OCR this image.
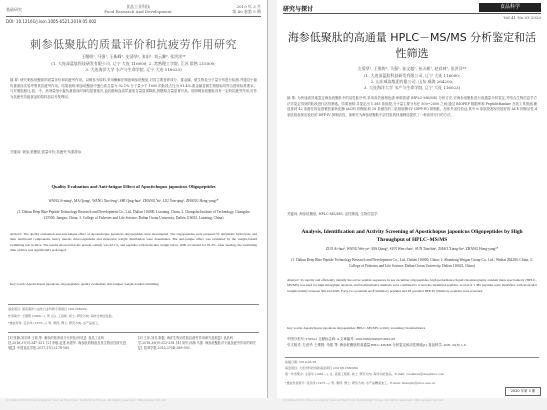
基础研究
食品工业科技
Food Research And Development
2019 年 3 月
第 40 卷第 5 期
DOI: 10.12161/j.issn.1005-6521.2019.05.002
刺参低聚肽的质量评价和抗疲劳作用研究
王继明¹, 马强¹, 王新峰², 史清华², 张雨², 刘云卿³, 张洪洋³*
(1. 大连深蓝肽科技研发有限公司, 辽宁 大连 116000; 2. 常熟理工学院, 江苏 常熟 215500;
3. 大连海洋大学 水产与生命学院, 辽宁 大连 116023)
摘 要: 研究刺参低聚肽的质量评价和抗疲劳作用。以刺参为原料,采用酶解法制备刺参低聚肽,对其主要营养成分、重金属、微生物及分子量分布进行检测,并通过小鼠负重游泳实验考察其抗疲劳作用。结果表明:刺参低聚肽中蛋白质含量为 92.1%,分子量小于 1000 的肽段占比为 91.4%,重金属及微生物指标均符合国家标准要求。与对照组相比,低、中、高剂量组小鼠负重游泳时间均显著延长,血乳酸和血清尿素氮含量显著降低,肝糖原含量显著升高。说明刺参低聚肽具有一定的抗疲劳作用,可作为抗疲劳功能食品的原料加以开发利用。
关键词: 刺参;低聚肽;质量评价;抗疲劳;负重游泳
Quality Evaluation and Anti-fatigue Effect of Apostichopus japonicus Oligopeptides
WANG Ji-ming¹, MA Qiang¹, WANG Xin-feng², SHI Qing-hua², ZHANG Yu², LIU Yun-qing³, ZHANG Hong-yang³*
(1. Dalian Deep Blue Peptide Technology Research and Development Co., Ltd., Dalian 116000, Liaoning, China; 2. Changshu Institute of Technology, Changshu 215500, Jiangsu, China; 3. College of Fisheries and Life Science, Dalian Ocean University, Dalian 116023, Liaoning, China)
Abstract: The quality evaluation and anti-fatigue effect of Apostichopus japonicus oligopeptides were investigated. The oligopeptides were prepared by enzymatic hydrolysis, and their nutritional components, heavy metals, microorganisms and molecular weight distribution were determined. The anti-fatigue effect was evaluated by the weight-loaded swimming test in mice. The results showed that the protein content was 92.1%, and peptides with molecular weight below 1000 accounted for 91.4%. After feeding, the swimming time of mice was significantly prolonged.
Key words: Apostichopus japonicus; oligopeptides; quality evaluation; anti-fatigue; weight-loaded swimming
基金项目: 国家海洋公益性行业科研专项项目 (201305002)
作者简介: 王继明 (1980—), 男 (汉), 工程师, 硕士, 研究方向: 海洋生物活性肽。
*通信作者: 张洪洋 (1975—), 男, 教授, 博士, 研究方向: 水产品加工。
[1] 张静,刘宗琦,王莉,等. 刺参的营养成分分析及评价[J]. 食品工业科技,2016,37(5):347-351. [2] 李敏,赵建,孙建华. 海参肽的制备及其生物活性研究进展[J]. 中国食品学报,2017,17(2):178-185.
[3] 王萍,刘芳,陈磊. 海洋生物活性肽抗疲劳作用研究进展[J]. 食品科学,2018,39(9):312-318. [4] 刘华,孙静,马强. 海参低聚肽对小鼠抗疲劳作用的研究[J]. 营养学报,2015,37(4):389-393.
(C)1994-2019 China Academic Journal Electronic Publishing House. All rights reserved. http://www.cnki.net
研究与探讨	食品科学
Vol.41 No.03 2020
海参低聚肽的高通量 HPLC－MS/MS 分析鉴定和活性筛选
左爱华¹, 王维野², 马强², 孙文超¹, 孙天彬¹, 赵祥林¹, 张洪洋³*
(1. 大连深蓝肽科技研发有限公司, 辽宁 大连 116000;
2. 山东威高集团有限公司, 山东 威海 264200;
3. 大连海洋大学 水产与生命学院, 辽宁 大连 116023)
摘 要: 为快速高效地鉴定海参低聚肽中的活性肽序列,采用高效液相色谱-串联质谱 (HPLC-MS/MS) 分析方法,对海参低聚肽进行高通量分析鉴定,并结合生物信息学方法对鉴定得到的肽段进行活性筛选。结果表明:共鉴定出 1 385 条肽段,分子量主要分布在 500~2000 之间;通过 BIOPEP 数据库和 PeptideRanker 在线工具预测,筛选得到 42 条潜在的血管紧张素转化酶 (ACE) 抑制肽和 28 条潜在的二肽基肽酶-IV (DPP-IV) 抑制肽。经体外活性验证,其中 6 条肽段表现出较好的 ACE 抑制活性,4 条肽段表现出较好的 DPP-IV 抑制活性。该研究为海参低聚肽中活性肽的快速筛选提供了一种高效可行的方法。
关键词: 海参低聚肽; HPLC-MS/MS; 活性筛选; 生物信息学
Analysis, Identification and Activity Screening of Apostichopus japonicus Oligopeptides by High Throughput of HPLC–MS/MS
ZUO Ai-hua¹, WANG Wei-ye², MA Qiang², SUN Wen-chao¹, SUN Tian-bin¹, ZHAO Xiang-lin¹, ZHANG Hong-yang³*
(1. Dalian Deep Blue Peptide Technology Research and Development Co., Ltd., Dalian 116000, China; 2. Shandong Weigao Group Co., Ltd., Weihai 264200, China; 3. College of Fisheries and Life Science, Dalian Ocean University, Dalian 116023, China)
Abstract: To rapidly and efficiently identify the active peptide sequences in sea cucumber oligopeptides, high performance liquid chromatography–tandem mass spectrometry (HPLC–MS/MS) was used for high-throughput analysis, and bioinformatics methods were combined to screen the identified peptides. A total of 1 385 peptides were identified, with molecular weights mainly between 500 and 2000. Forty-two potential ACE inhibitory peptides and 28 potential DPP-IV inhibitory peptides were screened.
Key words: Apostichopus japonicus oligopeptides; HPLC–MS/MS; activity screening; bioinformatics
中图分类号: TS254.1 文献标志码: A 文章编号: 1002-6630(2020)03-0001-06
引文格式: 左爱华, 王维野, 马强, 等. 海参低聚肽的高通量 HPLC-MS/MS 分析鉴定和活性筛选[J]. 食品科学, 2020, 41(3): 1-6.
收稿日期: 2019-03-26
基金项目: 大连市科技创新基金项目 (2018J12SN080)
第一作者简介: 左爱华 (1981—), 女, 高级工程师, 硕士, 研究方向: 海洋功能食品。E-mail: zuoaihua@deepblue.com
*通信作者简介: 张洪洋 (1975—), 男, 教授, 博士, 研究方向: 水产品精深加工。E-mail: zhanghy@dlou.edu.cn
2020 年第 3 期
(C)1994-2020 China Academic Journal Electronic Publishing House. All rights reserved. http://www.cnki.net
